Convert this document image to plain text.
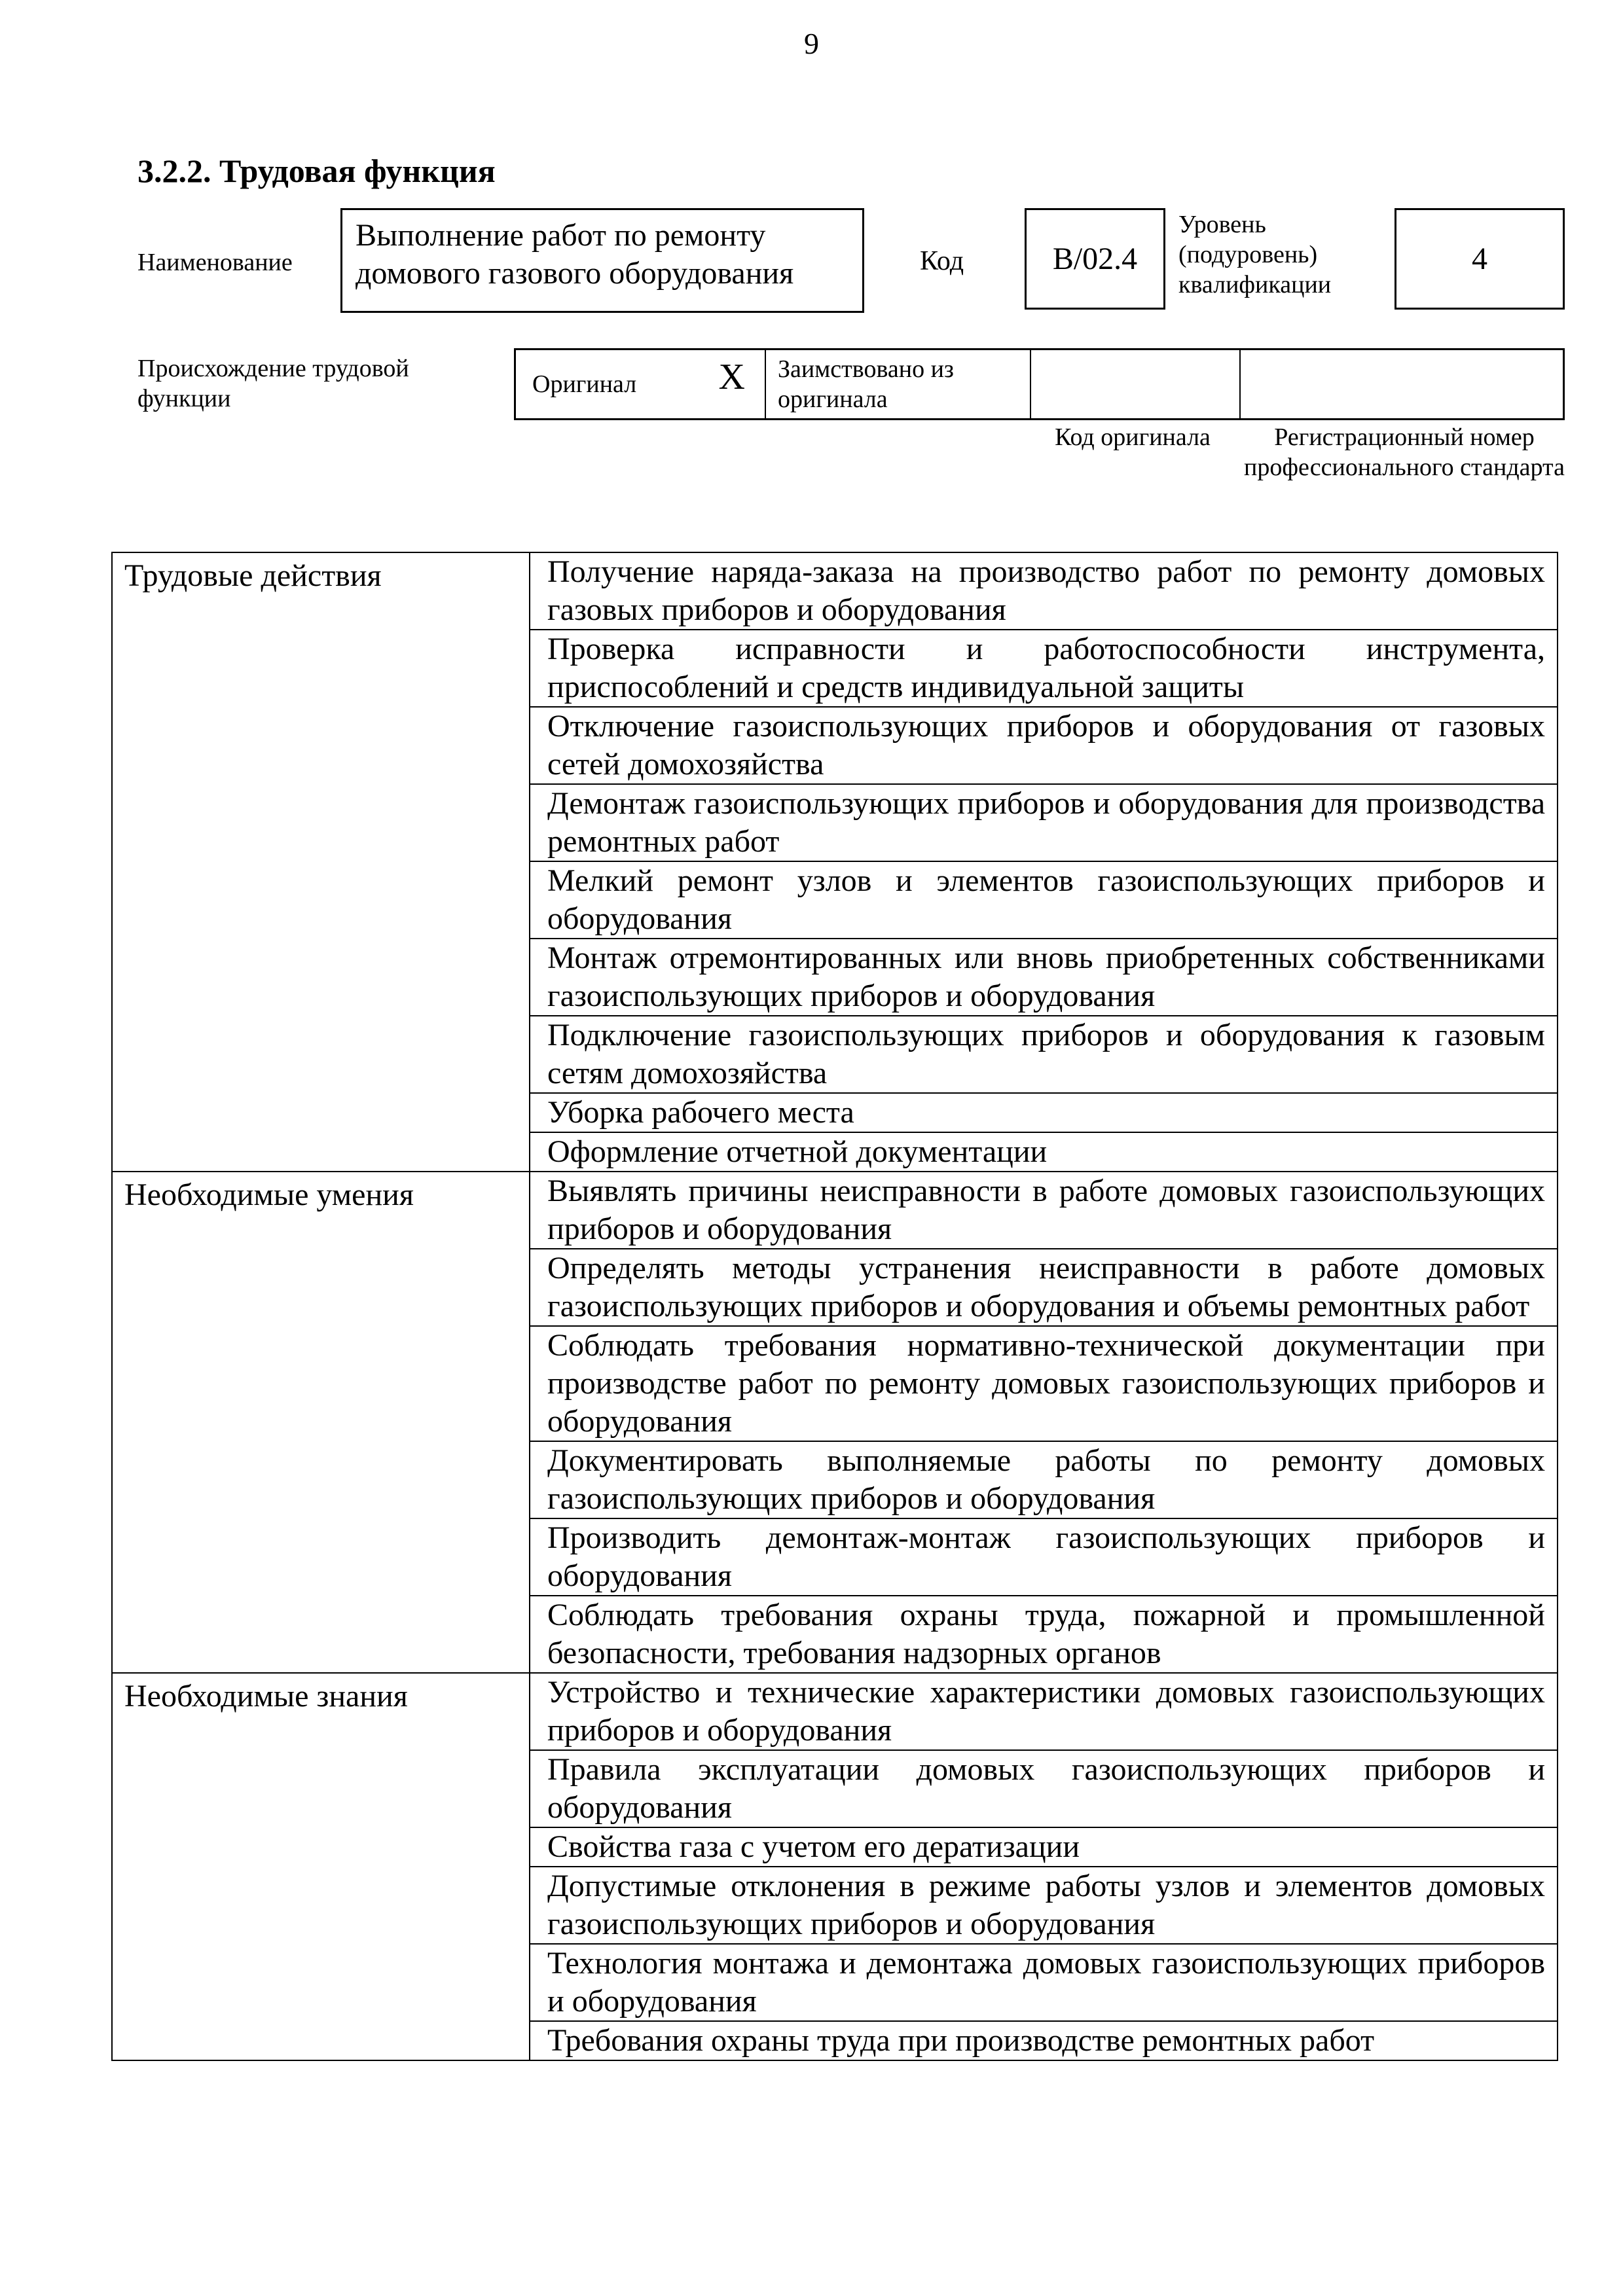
9
3.2.2. Трудовая функция
Наименование
Выполнение работ по ремонту домового газового оборудования	Код	B/02.4
Уровень (подуровень) квалификации
4
Происхождение трудовой функции
Оригинал X	Заимствовано из оригинала
Код оригинала	Регистрационный номер профессионального стандарта
Трудовые действия	Получение наряда-заказа на производство работ по ремонту домовых газовых приборов и оборудования
	Проверка исправности и работоспособности инструмента, приспособлений и средств индивидуальной защиты
	Отключение газоиспользующих приборов и оборудования от газовых сетей домохозяйства
	Демонтаж газоиспользующих приборов и оборудования для производства ремонтных работ
	Мелкий ремонт узлов и элементов газоиспользующих приборов и оборудования
	Монтаж отремонтированных или вновь приобретенных собственниками газоиспользующих приборов и оборудования
	Подключение газоиспользующих приборов и оборудования к газовым сетям домохозяйства
	Уборка рабочего места
	Оформление отчетной документации
Необходимые умения	Выявлять причины неисправности в работе домовых газоиспользующих приборов и оборудования
	Определять методы устранения неисправности в работе домовых газоиспользующих приборов и оборудования и объемы ремонтных работ
	Соблюдать требования нормативно-технической документации при производстве работ по ремонту домовых газоиспользующих приборов и оборудования
	Документировать выполняемые работы по ремонту домовых газоиспользующих приборов и оборудования
	Производить демонтаж-монтаж газоиспользующих приборов и оборудования
	Соблюдать требования охраны труда, пожарной и промышленной безопасности, требования надзорных органов
Необходимые знания	Устройство и технические характеристики домовых газоиспользующих приборов и оборудования
	Правила эксплуатации домовых газоиспользующих приборов и оборудования
	Свойства газа с учетом его дератизации
	Допустимые отклонения в режиме работы узлов и элементов домовых газоиспользующих приборов и оборудования
	Технология монтажа и демонтажа домовых газоиспользующих приборов и оборудования
	Требования охраны труда при производстве ремонтных работ
